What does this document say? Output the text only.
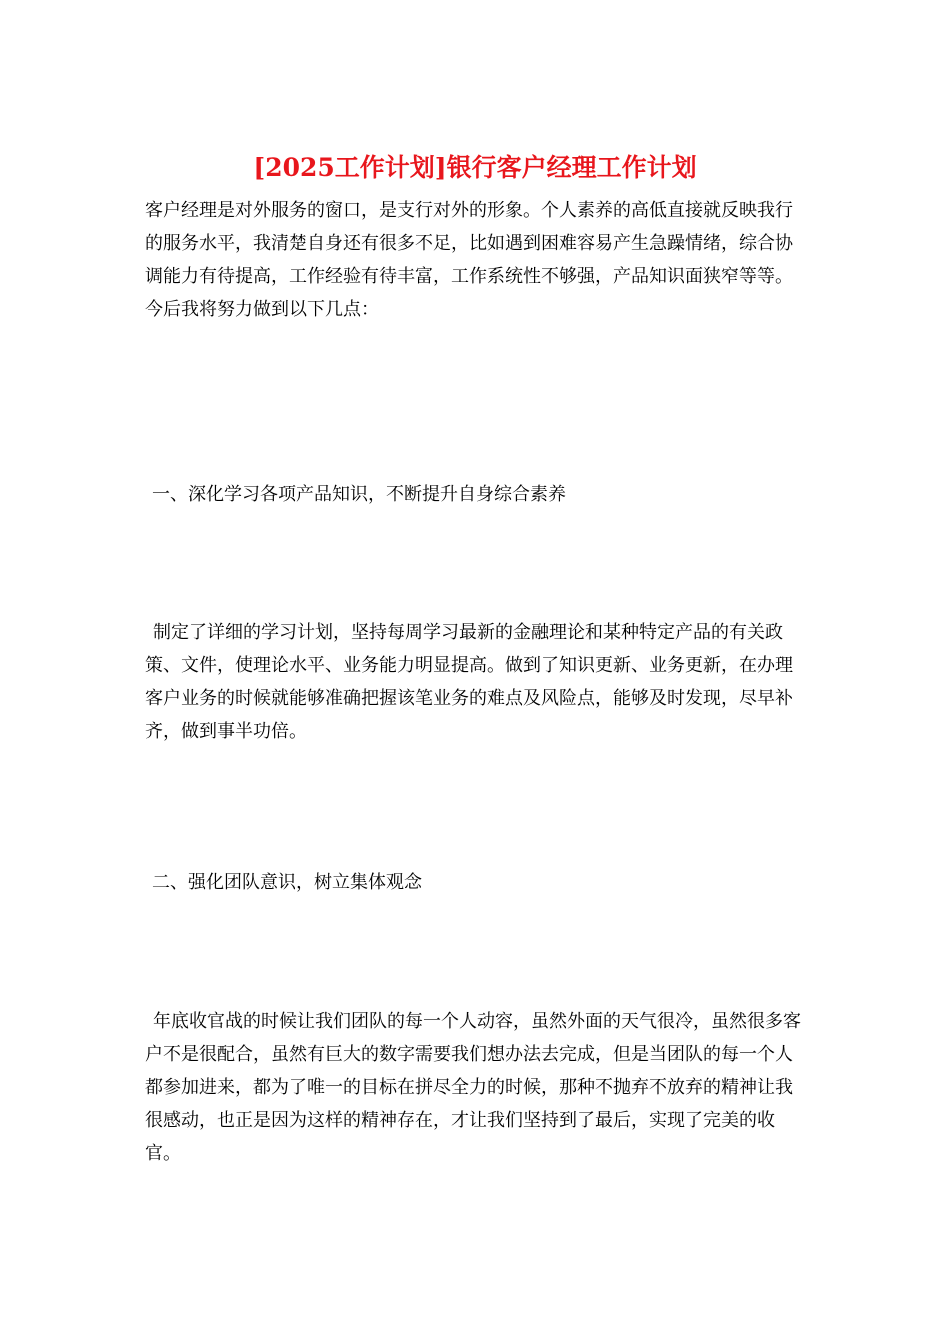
[2025工作计划]银行客户经理工作计划

客户经理是对外服务的窗口，是支行对外的形象。个人素养的高低直接就反映我行的服务水平，我清楚自身还有很多不足，比如遇到困难容易产生急躁情绪，综合协调能力有待提高，工作经验有待丰富，工作系统性不够强，产品知识面狭窄等等。今后我将努力做到以下几点：

一、深化学习各项产品知识，不断提升自身综合素养

制定了详细的学习计划，坚持每周学习最新的金融理论和某种特定产品的有关政策、文件，使理论水平、业务能力明显提高。做到了知识更新、业务更新，在办理客户业务的时候就能够准确把握该笔业务的难点及风险点，能够及时发现，尽早补齐，做到事半功倍。

二、强化团队意识，树立集体观念

年底收官战的时候让我们团队的每一个人动容，虽然外面的天气很冷，虽然很多客户不是很配合，虽然有巨大的数字需要我们想办法去完成，但是当团队的每一个人都参加进来，都为了唯一的目标在拼尽全力的时候，那种不抛弃不放弃的精神让我很感动，也正是因为这样的精神存在，才让我们坚持到了最后，实现了完美的收官。
